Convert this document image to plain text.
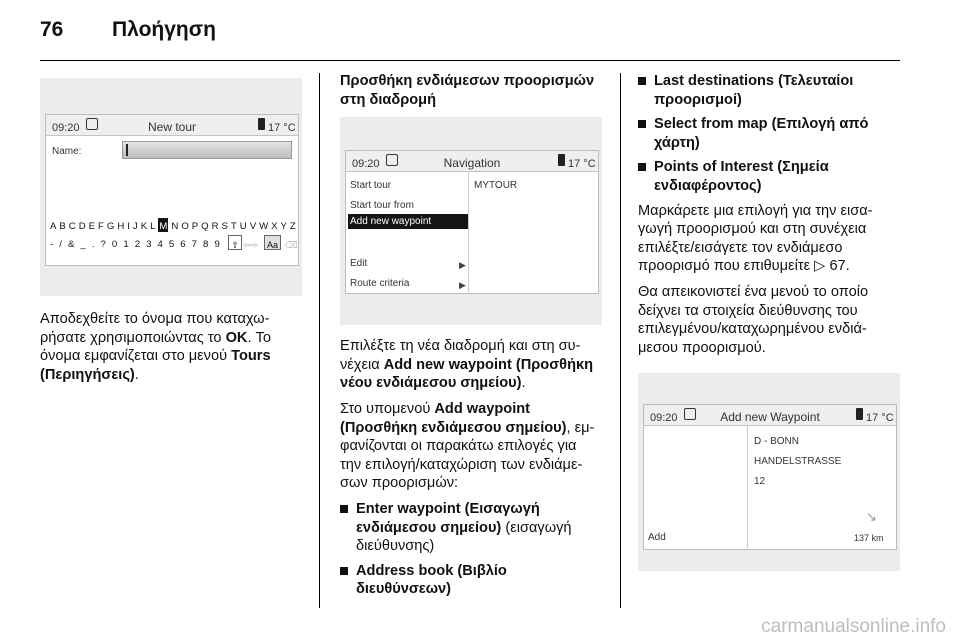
76 Πλοήγηση
09:20	New tour	17 °C
Name:
A B C D E F G H I J K L M N O P Q R S T U V W X Y Z
- / & _ . ? 0 1 2 3 4 5 6 7 8 9	⇧ ⇦⇨ Aa ⌫

Αποδεχθείτε το όνομα που καταχω-
ρήσατε χρησιμοποιώντας το OK. Το
όνομα εμφανίζεται στο μενού Tours
(Περιηγήσεις).

Προσθήκη ενδιάμεσων προορισμών
στη διαδρομή
09:20	Navigation	17 °C
Start tour
Start tour from
Add new waypoint
Edit	▶
Route criteria	▶
MYTOUR

Επιλέξτε τη νέα διαδρομή και στη συ-
νέχεια Add new waypoint (Προσθήκη
νέου ενδιάμεσου σημείου).

Στο υπομενού Add waypoint
(Προσθήκη ενδιάμεσου σημείου), εμ-
φανίζονται οι παρακάτω επιλογές για
την επιλογή/καταχώριση των ενδιάμε-
σων προορισμών:

Enter waypoint (Εισαγωγή
ενδιάμεσου σημείου) (εισαγωγή
διεύθυνσης)
Address book (Βιβλίο
διευθύνσεων)
Last destinations (Τελευταίοι
προορισμοί)
Select from map (Επιλογή από
χάρτη)
Points of Interest (Σημεία
ενδιαφέροντος)

Μαρκάρετε μια επιλογή για την εισα-
γωγή προορισμού και στη συνέχεια
επιλέξτε/εισάγετε τον ενδιάμεσο
προορισμό που επιθυμείτε ▷ 67.

Θα απεικονιστεί ένα μενού το οποίο
δείχνει τα στοιχεία διεύθυνσης του
επιλεγμένου/καταχωρημένου ενδιά-
μεσου προορισμού.

09:20	Add new Waypoint	17 °C
D - BONN
HANDELSTRASSE
12
Add
↘
137 km
carmanualsonline.info
